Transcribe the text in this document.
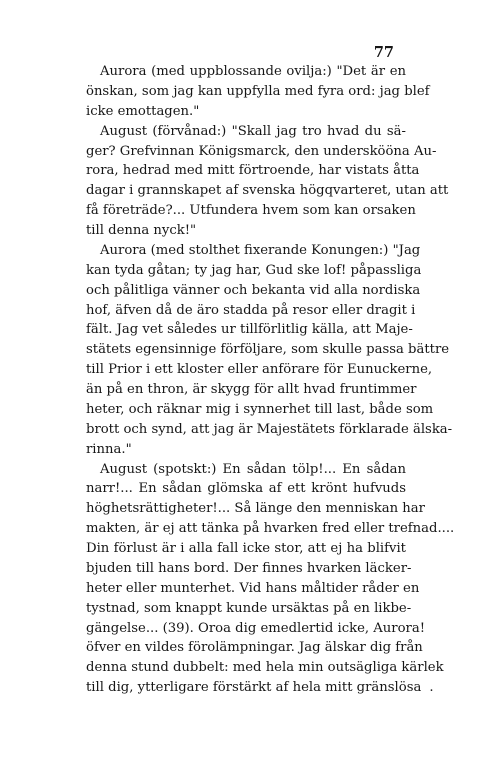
77
Aurora (med uppblossande ovilja:) "Det är en
önskan, som jag kan uppfylla med fyra ord: jag blef
icke emottagen."
August (förvånad:) "Skall jag tro hvad du sä-
ger? Grefvinnan Königsmarck, den underskööna Au-
rora, hedrad med mitt förtroende, har vistats åtta
dagar i grannskapet af svenska högqvarteret, utan att
få företräde?... Utfundera hvem som kan orsaken
till denna nyck!"
Aurora (med stolthet fixerande Konungen:) "Jag
kan tyda gåtan; ty jag har, Gud ske lof! påpassliga
och pålitliga vänner och bekanta vid alla nordiska
hof, äfven då de äro stadda på resor eller dragit i
fält. Jag vet således ur tillförlitlig källa, att Maje-
stätets egensinnige förföljare, som skulle passa bättre
till Prior i ett kloster eller anförare för Eunuckerne,
än på en thron, är skygg för allt hvad fruntimmer
heter, och räknar mig i synnerhet till last, både som
brott och synd, att jag är Majestätets förklarade älska-
rinna."
August (spotskt:) En sådan tölp!... En sådan
narr!... En sådan glömska af ett krönt hufvuds
höghetsrättigheter!... Så länge den menniskan har
makten, är ej att tänka på hvarken fred eller trefnad....
Din förlust är i alla fall icke stor, att ej ha blifvit
bjuden till hans bord. Der finnes hvarken läcker-
heter eller munterhet. Vid hans måltider råder en
tystnad, som knappt kunde ursäktas på en likbe-
gängelse... (39). Oroa dig emedlertid icke, Aurora!
öfver en vildes förolämpningar. Jag älskar dig från
denna stund dubbelt: med hela min outsägliga kärlek
till dig, ytterligare förstärkt af hela mitt gränslösa .
